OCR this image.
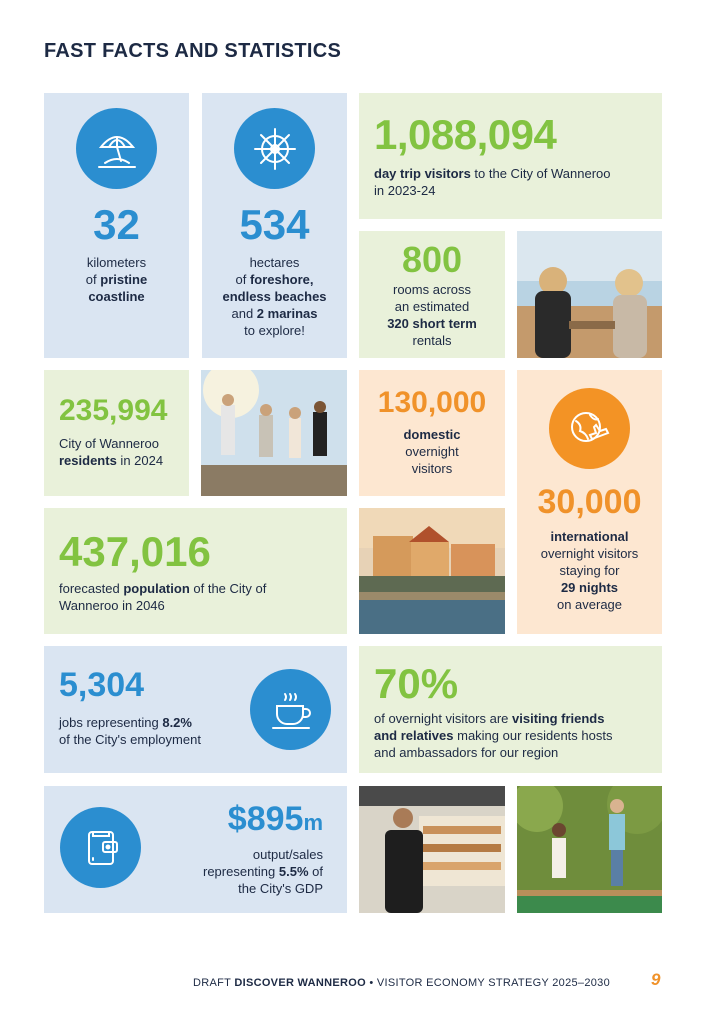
FAST FACTS AND STATISTICS
32
kilometers
of pristine
coastline
534
hectares
of foreshore,
endless beaches
and 2 marinas
to explore!
1,088,094
day trip visitors to the City of Wanneroo
in 2023-24
800
rooms across
an estimated
320 short term
rentals
235,994
City of Wanneroo
residents in 2024
130,000
domestic
overnight
visitors
30,000
international
overnight visitors
staying for
29 nights
on average
437,016
forecasted population of the City of
Wanneroo in 2046
5,304
jobs representing 8.2%
of the City's employment
70%
of overnight visitors are visiting friends
and relatives making our residents hosts
and ambassadors for our region
$895m
output/sales
representing 5.5% of
the City's GDP
DRAFT DISCOVER WANNEROO • VISITOR ECONOMY STRATEGY 2025–2030 9
